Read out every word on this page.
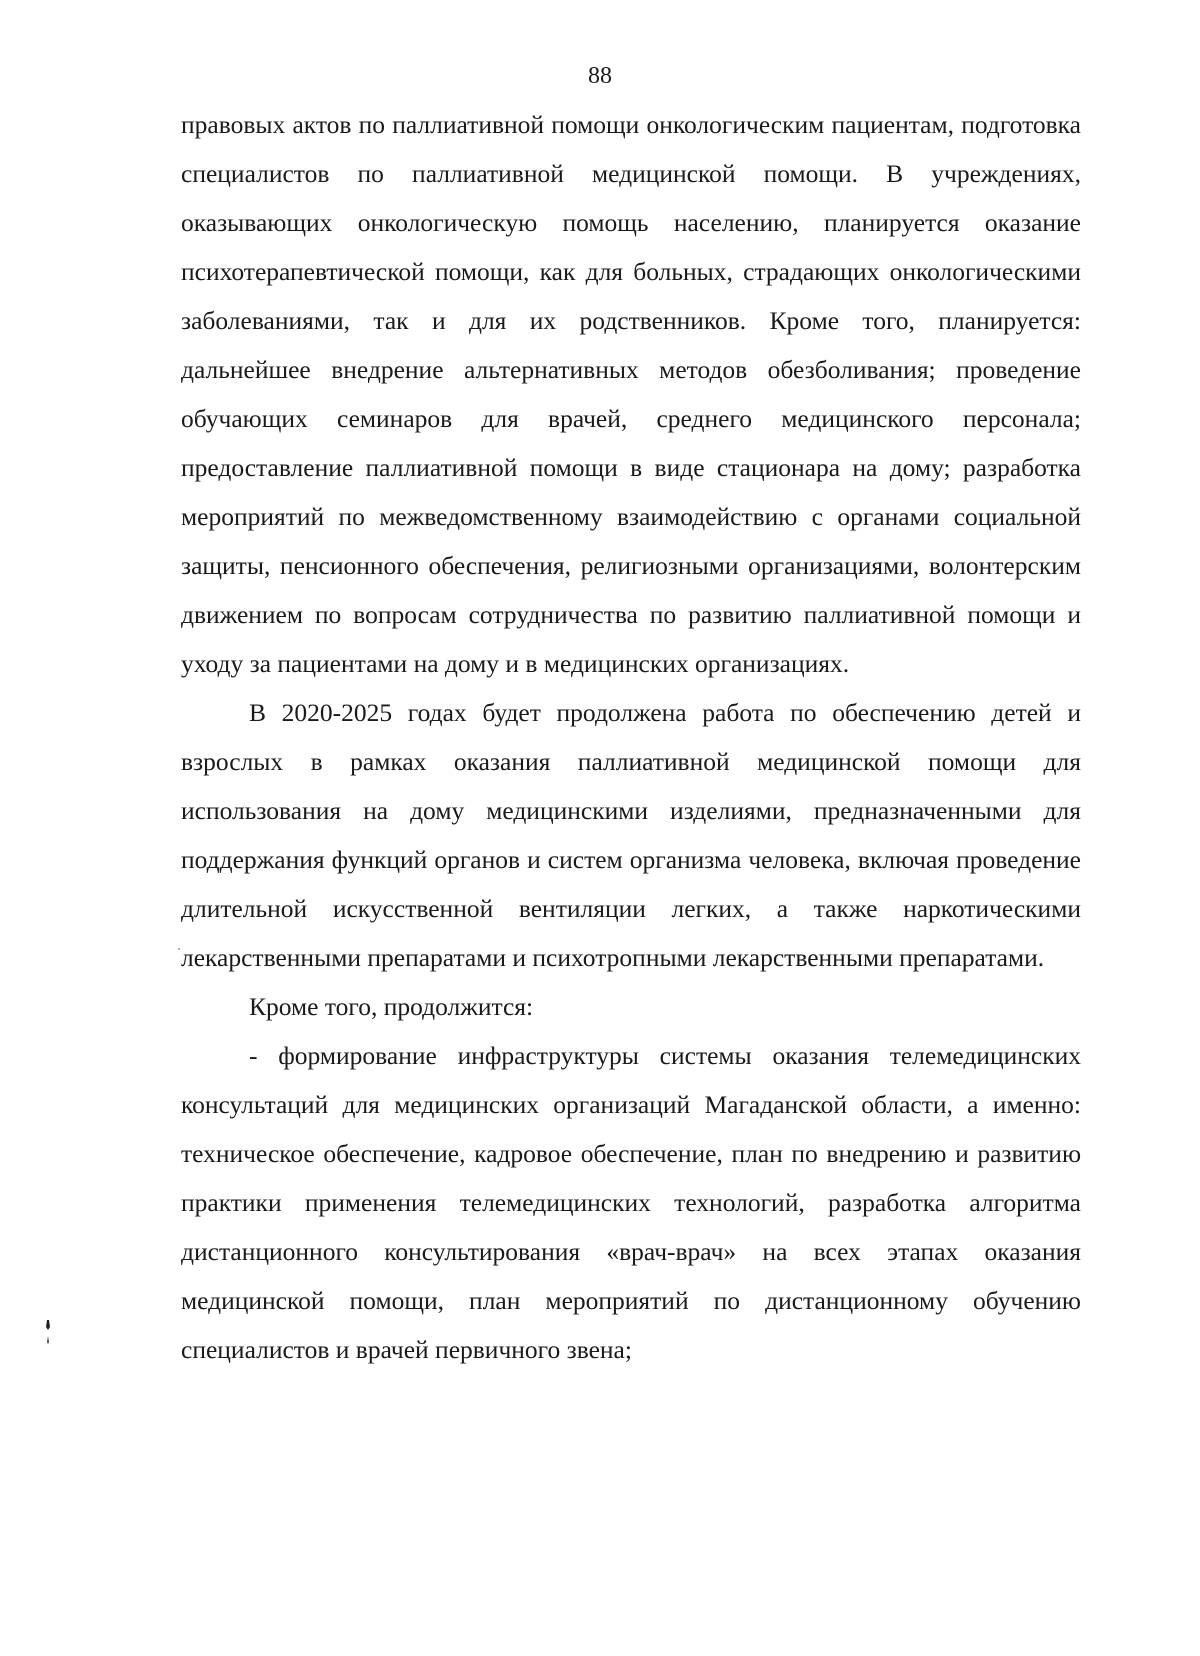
88

правовых актов по паллиативной помощи онкологическим пациентам, подготовка специалистов по паллиативной медицинской помощи. В учреждениях, оказывающих онкологическую помощь населению, планируется оказание психотерапевтической помощи, как для больных, страдающих онкологическими заболеваниями, так и для их родственников. Кроме того, планируется: дальнейшее внедрение альтернативных методов обезболивания; проведение обучающих семинаров для врачей, среднего медицинского персонала; предоставление паллиативной помощи в виде стационара на дому; разработка мероприятий по межведомственному взаимодействию с органами социальной защиты, пенсионного обеспечения, религиозными организациями, волонтерским движением по вопросам сотрудничества по развитию паллиативной помощи и уходу за пациентами на дому и в медицинских организациях.

В 2020-2025 годах будет продолжена работа по обеспечению детей и взрослых в рамках оказания паллиативной медицинской помощи для использования на дому медицинскими изделиями, предназначенными для поддержания функций органов и систем организма человека, включая проведение длительной искусственной вентиляции легких, а также наркотическими лекарственными препаратами и психотропными лекарственными препаратами.

Кроме того, продолжится:

- формирование инфраструктуры системы оказания телемедицинских консультаций для медицинских организаций Магаданской области, а именно: техническое обеспечение, кадровое обеспечение, план по внедрению и развитию практики применения телемедицинских технологий, разработка алгоритма дистанционного консультирования «врач-врач» на всех этапах оказания медицинской помощи, план мероприятий по дистанционному обучению специалистов и врачей первичного звена;
